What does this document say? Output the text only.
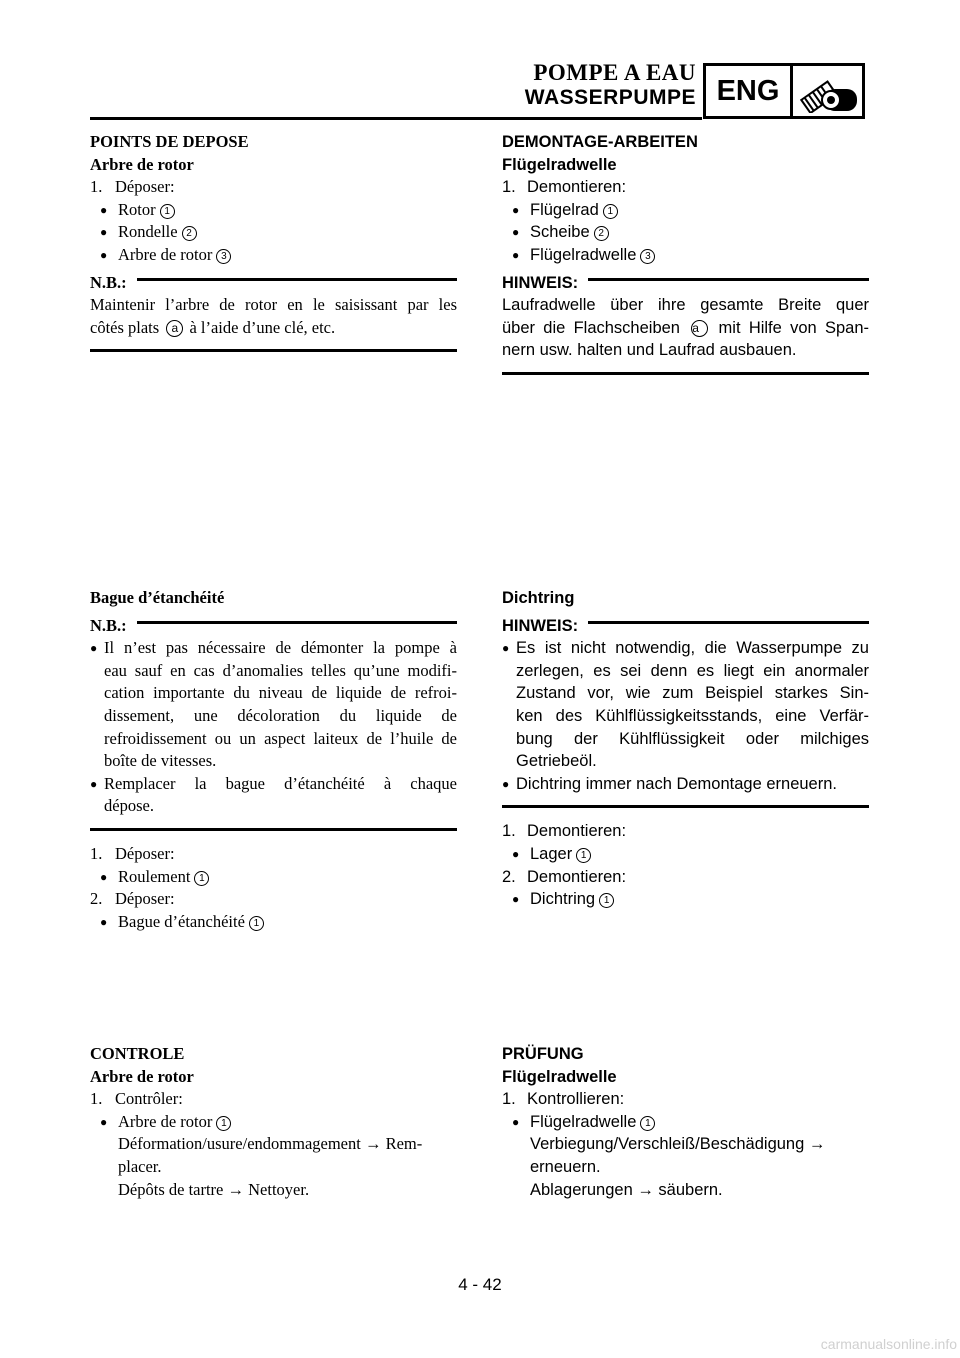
POMPE A EAU
WASSERPUMPE ENG
POINTS DE DEPOSE
Arbre de rotor
1. Déposer:
● Rotor 1
● Rondelle 2
● Arbre de rotor 3
N.B.:
Maintenir l’arbre de rotor en le saisissant par les
côtés plats a à l’aide d’une clé, etc.
DEMONTAGE-ARBEITEN
Flügelradwelle
1. Demontieren:
● Flügelrad 1
● Scheibe 2
● Flügelradwelle 3
HINWEIS:
Laufradwelle über ihre gesamte Breite quer
über die Flachscheiben a mit Hilfe von Span-
nern usw. halten und Laufrad ausbauen.
Bague d’étanchéité
N.B.:
● Il n’est pas nécessaire de démonter la pompe à
eau sauf en cas d’anomalies telles qu’une modifi-
cation importante du niveau de liquide de refroi-
dissement, une décoloration du liquide de
refroidissement ou un aspect laiteux de l’huile de
boîte de vitesses.
● Remplacer la bague d’étanchéité à chaque
dépose.
1. Déposer:
● Roulement 1
2. Déposer:
● Bague d’étanchéité 1
Dichtring
HINWEIS:
● Es ist nicht notwendig, die Wasserpumpe zu
zerlegen, es sei denn es liegt ein anormaler
Zustand vor, wie zum Beispiel starkes Sin-
ken des Kühlflüssigkeitsstands, eine Verfär-
bung der Kühlflüssigkeit oder milchiges
Getriebeöl.
● Dichtring immer nach Demontage erneuern.
1. Demontieren:
● Lager 1
2. Demontieren:
● Dichtring 1
CONTROLE
Arbre de rotor
1. Contrôler:
● Arbre de rotor 1
Déformation/usure/endommagement → Rem-
placer.
Dépôts de tartre → Nettoyer.
PRÜFUNG
Flügelradwelle
1. Kontrollieren:
● Flügelradwelle 1
Verbiegung/Verschleiß/Beschädigung →
erneuern.
Ablagerungen → säubern.
4 - 42
carmanualsonline.info
